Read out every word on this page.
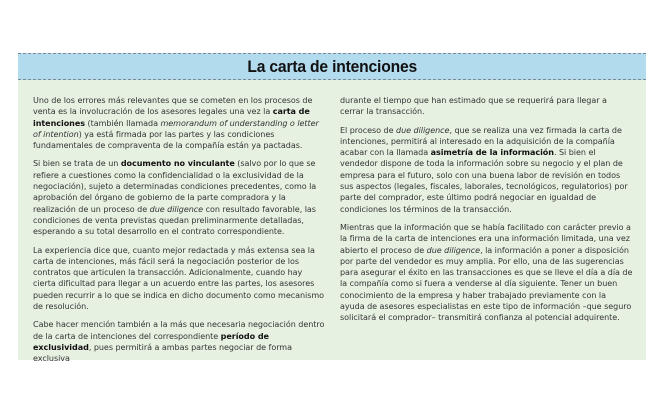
La carta de intenciones

Uno de los errores más relevantes que se cometen en los procesos de venta es la involucración de los asesores legales una vez la carta de intenciones (también llamada memorandum of understanding o letter of intention) ya está firmada por las partes y las condiciones fundamentales de compraventa de la compañía están ya pactadas.

Si bien se trata de un documento no vinculante (salvo por lo que se refiere a cuestiones como la confidencialidad o la exclusividad de la negociación), sujeto a determinadas condiciones precedentes, como la aprobación del órgano de gobierno de la parte compradora y la realización de un proceso de due diligence con resultado favorable, las condiciones de venta previstas quedan preliminarmente detalladas, esperando a su total desarrollo en el contrato correspondiente.

La experiencia dice que, cuanto mejor redactada y más extensa sea la carta de intenciones, más fácil será la negociación posterior de los contratos que articulen la transacción. Adicionalmente, cuando hay cierta dificultad para llegar a un acuerdo entre las partes, los asesores pueden recurrir a lo que se indica en dicho documento como mecanismo de resolución.

Cabe hacer mención también a la más que necesaria negociación dentro de la carta de intenciones del correspondiente período de exclusividad, pues permitirá a ambas partes negociar de forma exclusiva

durante el tiempo que han estimado que se requerirá para llegar a cerrar la transacción.

El proceso de due diligence, que se realiza una vez firmada la carta de intenciones, permitirá al interesado en la adquisición de la compañía acabar con la llamada asimetría de la información. Si bien el vendedor dispone de toda la información sobre su negocio y el plan de empresa para el futuro, solo con una buena labor de revisión en todos sus aspectos (legales, fiscales, laborales, tecnológicos, regulatorios) por parte del comprador, este último podrá negociar en igualdad de condiciones los términos de la transacción.

Mientras que la información que se había facilitado con carácter previo a la firma de la carta de intenciones era una información limitada, una vez abierto el proceso de due diligence, la información a poner a disposición por parte del vendedor es muy amplia. Por ello, una de las sugerencias para asegurar el éxito en las transacciones es que se lleve el día a día de la compañía como si fuera a venderse al día siguiente. Tener un buen conocimiento de la empresa y haber trabajado previamente con la ayuda de asesores especialistas en este tipo de información –que seguro solicitará el comprador– transmitirá confianza al potencial adquirente.
